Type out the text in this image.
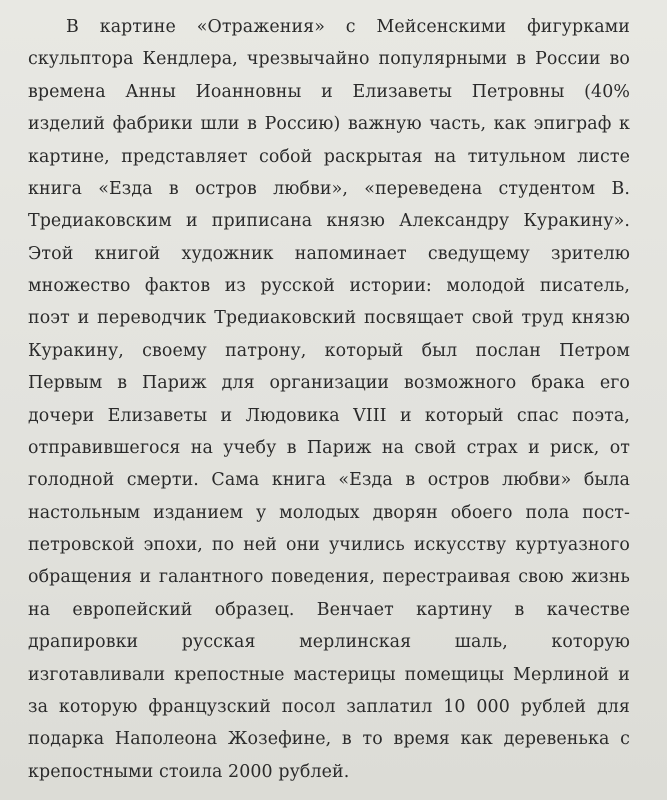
В картине «Отражения» с Мейсенскими фигурками
скульптора Кендлера, чрезвычайно популярными в России во
времена Анны Иоанновны и Елизаветы Петровны (40%
изделий фабрики шли в Россию) важную часть, как эпиграф к
картине, представляет собой раскрытая на титульном листе
книга «Езда в остров любви», «переведена студентом В.
Тредиаковским и приписана князю Александру Куракину».
Этой книгой художник напоминает сведущему зрителю
множество фактов из русской истории: молодой писатель,
поэт и переводчик Тредиаковский посвящает свой труд князю
Куракину, своему патрону, который был послан Петром
Первым в Париж для организации возможного брака его
дочери Елизаветы и Людовика VIII и который спас поэта,
отправившегося на учебу в Париж на свой страх и риск, от
голодной смерти. Сама книга «Езда в остров любви» была
настольным изданием у молодых дворян обоего пола пост-
петровской эпохи, по ней они учились искусству куртуазного
обращения и галантного поведения, перестраивая свою жизнь
на европейский образец. Венчает картину в качестве
драпировки русская мерлинская шаль, которую
изготавливали крепостные мастерицы помещицы Мерлиной и
за которую французский посол заплатил 10 000 рублей для
подарка Наполеона Жозефине, в то время как деревенька с
крепостными стоила 2000 рублей.
